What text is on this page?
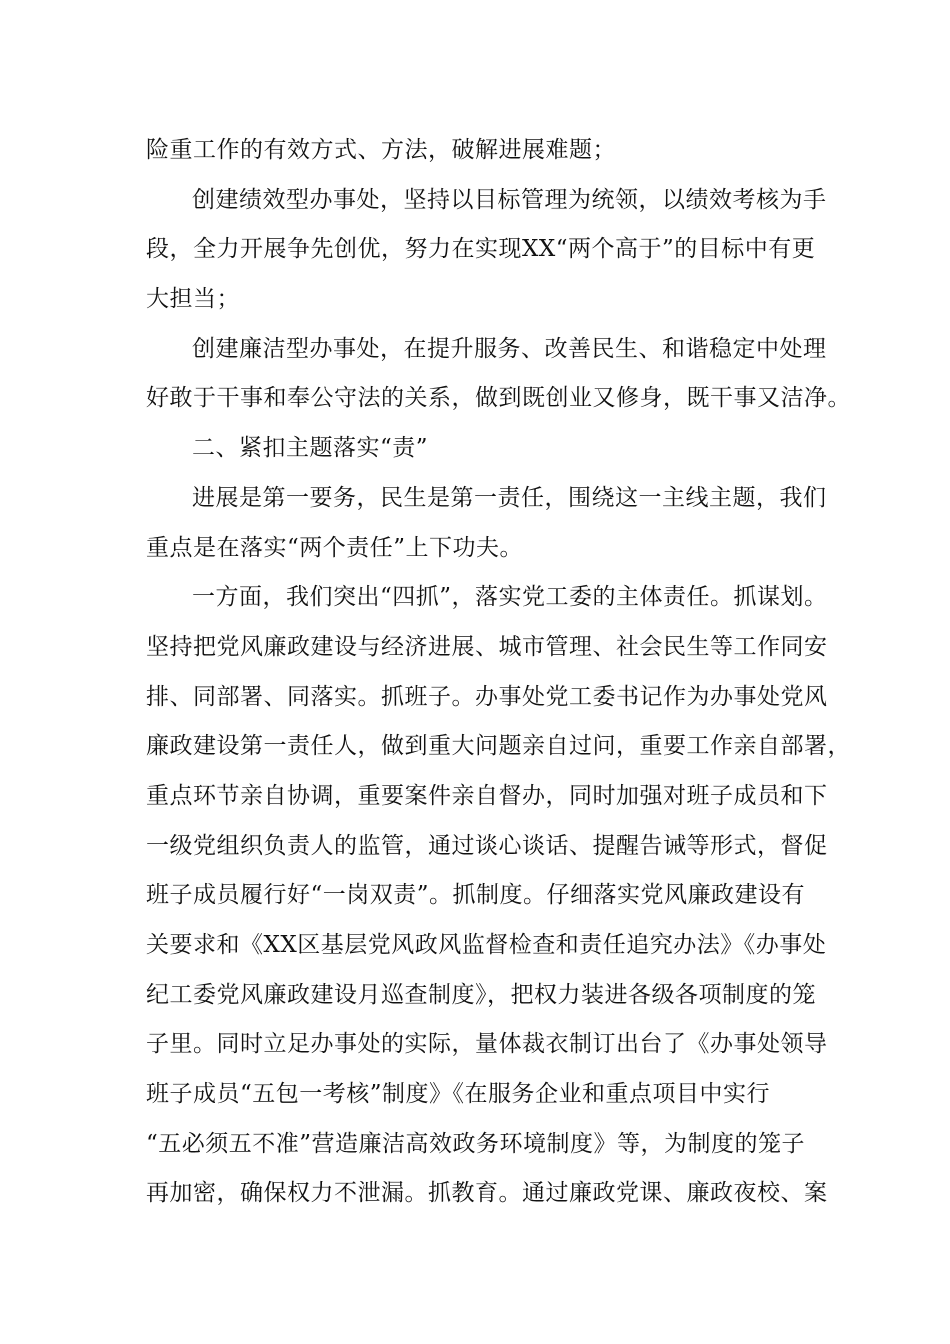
险重工作的有效方式、方法，破解进展难题；
创建绩效型办事处，坚持以目标管理为统领，以绩效考核为手
段，全力开展争先创优，努力在实现XX“两个高于”的目标中有更
大担当；
创建廉洁型办事处，在提升服务、改善民生、和谐稳定中处理
好敢于干事和奉公守法的关系，做到既创业又修身，既干事又洁净。
二、紧扣主题落实“责”
进展是第一要务，民生是第一责任，围绕这一主线主题，我们
重点是在落实“两个责任”上下功夫。
一方面，我们突出“四抓”，落实党工委的主体责任。抓谋划。
坚持把党风廉政建设与经济进展、城市管理、社会民生等工作同安
排、同部署、同落实。抓班子。办事处党工委书记作为办事处党风
廉政建设第一责任人，做到重大问题亲自过问，重要工作亲自部署，
重点环节亲自协调，重要案件亲自督办，同时加强对班子成员和下
一级党组织负责人的监管，通过谈心谈话、提醒告诫等形式，督促
班子成员履行好“一岗双责”。抓制度。仔细落实党风廉政建设有
关要求和《XX区基层党风政风监督检查和责任追究办法》《办事处
纪工委党风廉政建设月巡查制度》，把权力装进各级各项制度的笼
子里。同时立足办事处的实际，量体裁衣制订出台了《办事处领导
班子成员“五包一考核”制度》《在服务企业和重点项目中实行
“五必须五不准”营造廉洁高效政务环境制度》等，为制度的笼子
再加密，确保权力不泄漏。抓教育。通过廉政党课、廉政夜校、案
